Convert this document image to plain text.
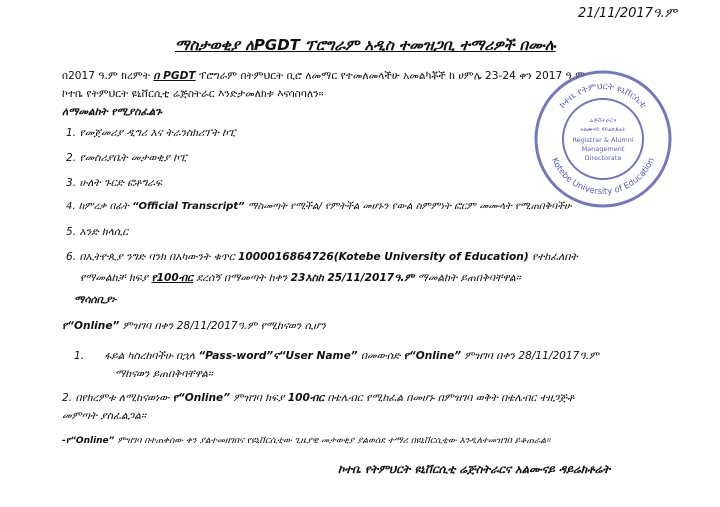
21/11/2017ዓ.ም
ማስታወቂያ ለPGDT ፕሮግራም አዲስ ተመዝጋቢ ተማሪዎች በሙሉ
በ2017 ዓ.ም ክረምት በ PGDT ፕሮግራም በትምህርት ቢሮ ለመማር የተመለመላችሁ አመልካቾች ከ ሀምሌ 23-24 ቀን 2017 ዓ.ም
ኮተቤ የትምህርት ዩኒቨርሲቲ ሬጅስትራር እንድታመለክቱ እናሳስባለን።
ለማመልከት የሚያስፈልጉ
1. የመጀመሪያ ዲግሪ እና ትራንስክሪፕት ኮፒ
2. የመስሪያቤት መታወቂያ ኮፒ
3. ሁለት ጉርድ ፎቶግራፍ
4. ከምረቃ በፊት “Official Transcript” ማስመጣት የሚችል/ የምትችል መሆኑን የውል ስምምነት ፎርም መሙላት የሚጠበቅባችሁ
5. አንድ ክላሲር
6. በኢትዮጲያ ንግድ ባንክ በአካውንት ቁጥር 1000016864726(Kotebe University of Education) የተከፈለበት
የማመልከቻ ክፍያ የ100ብር ደረሰኝ በማመጣት ከቀን 23እስከ 25/11/2017ዓ.ም ማመልከት ይጠበቅባቸዋል።
ማሳሰቢያ፦
የ“Online” ምዝገባ በቀን 28/11/2017ዓ.ም የሚከናወን ሲሆን
1. ፋይል ካስረከባችሁ በኋላ “Pass-word”ና“User Name” በመውሰድ የ“Online” ምዝገባ በቀን 28/11/2017ዓ.ም
ማከናወን ይጠበቅባቸዋል።
2. በየክረምቱ ለሚከናወነው የ“Online” ምዝገባ ክፍያ 100ብር በቴሌብር የሚከፈል በመሆኑ በምዝገባ ወቅት በቴሌብር ተዘጋጅቶ
መምጣት ያስፈልጋል።
-የ“Online” ምዝገባ በተጠቀሰው ቀን ያልተመዘገበና የዩኒቨርሲቲው ጊዜያዊ መታወቂያ ያልወሰደ ተማሪ በዩኒቨርሲቲው እንዲለተመዝገበ ይቆጠራል።
ኮተቤ የትምህርት ዩኒቨርሲቲ ሬጅስትራርና አልሙናይ ዳይሬክቶሬት
ኮተቤ የትምህርት ዩኒቨርሲቲ
Kotebe University of Education
ሬጅስትራርና
አልሙናይ ዳይሬክቶሬት
Registrar & Alumni
Management
Directorate
